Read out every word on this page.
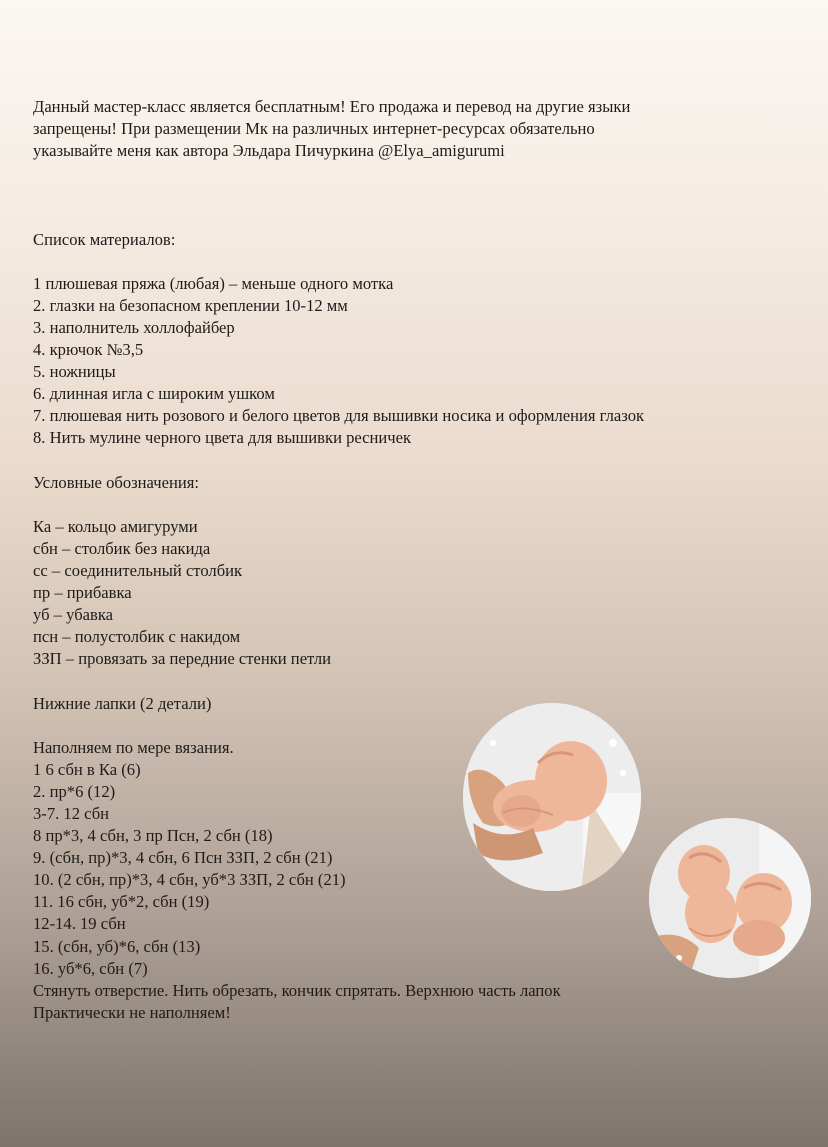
Данный мастер-класс является бесплатным! Его продажа и перевод на другие языки
запрещены! При размещении Мк на различных интернет-ресурсах обязательно
указывайте меня как автора Эльдара Пичуркина @Elya_amigurumi
Список материалов:
1 плюшевая пряжа (любая) – меньше одного мотка
2. глазки на безопасном креплении 10-12 мм
3. наполнитель холлофайбер
4. крючок №3,5
5. ножницы
6. длинная игла с широким ушком
7. плюшевая нить розового и белого цветов для вышивки носика и оформления глазок
8. Нить мулине черного цвета для вышивки ресничек
Условные обозначения:
Ка – кольцо амигуруми
сбн – столбик без накида
сс – соединительный столбик
пр – прибавка
уб – убавка
псн – полустолбик с накидом
ЗЗП – провязать за передние стенки петли
Нижние лапки (2 детали)
Наполняем по мере вязания.
1 6 сбн в Ка (6)
2. пр*6 (12)
3-7. 12 сбн
8 пр*3, 4 сбн, 3 пр Псн, 2 сбн (18)
9. (сбн, пр)*3, 4 сбн, 6 Псн ЗЗП, 2 сбн (21)
10. (2 сбн, пр)*3, 4 сбн, уб*3 ЗЗП, 2 сбн (21)
11. 16 сбн, уб*2, сбн (19)
12-14. 19 сбн
15. (сбн, уб)*6, сбн (13)
16. уб*6, сбн (7)
Стянуть отверстие. Нить обрезать, кончик спрятать. Верхнюю часть лапок
Практически не наполняем!
